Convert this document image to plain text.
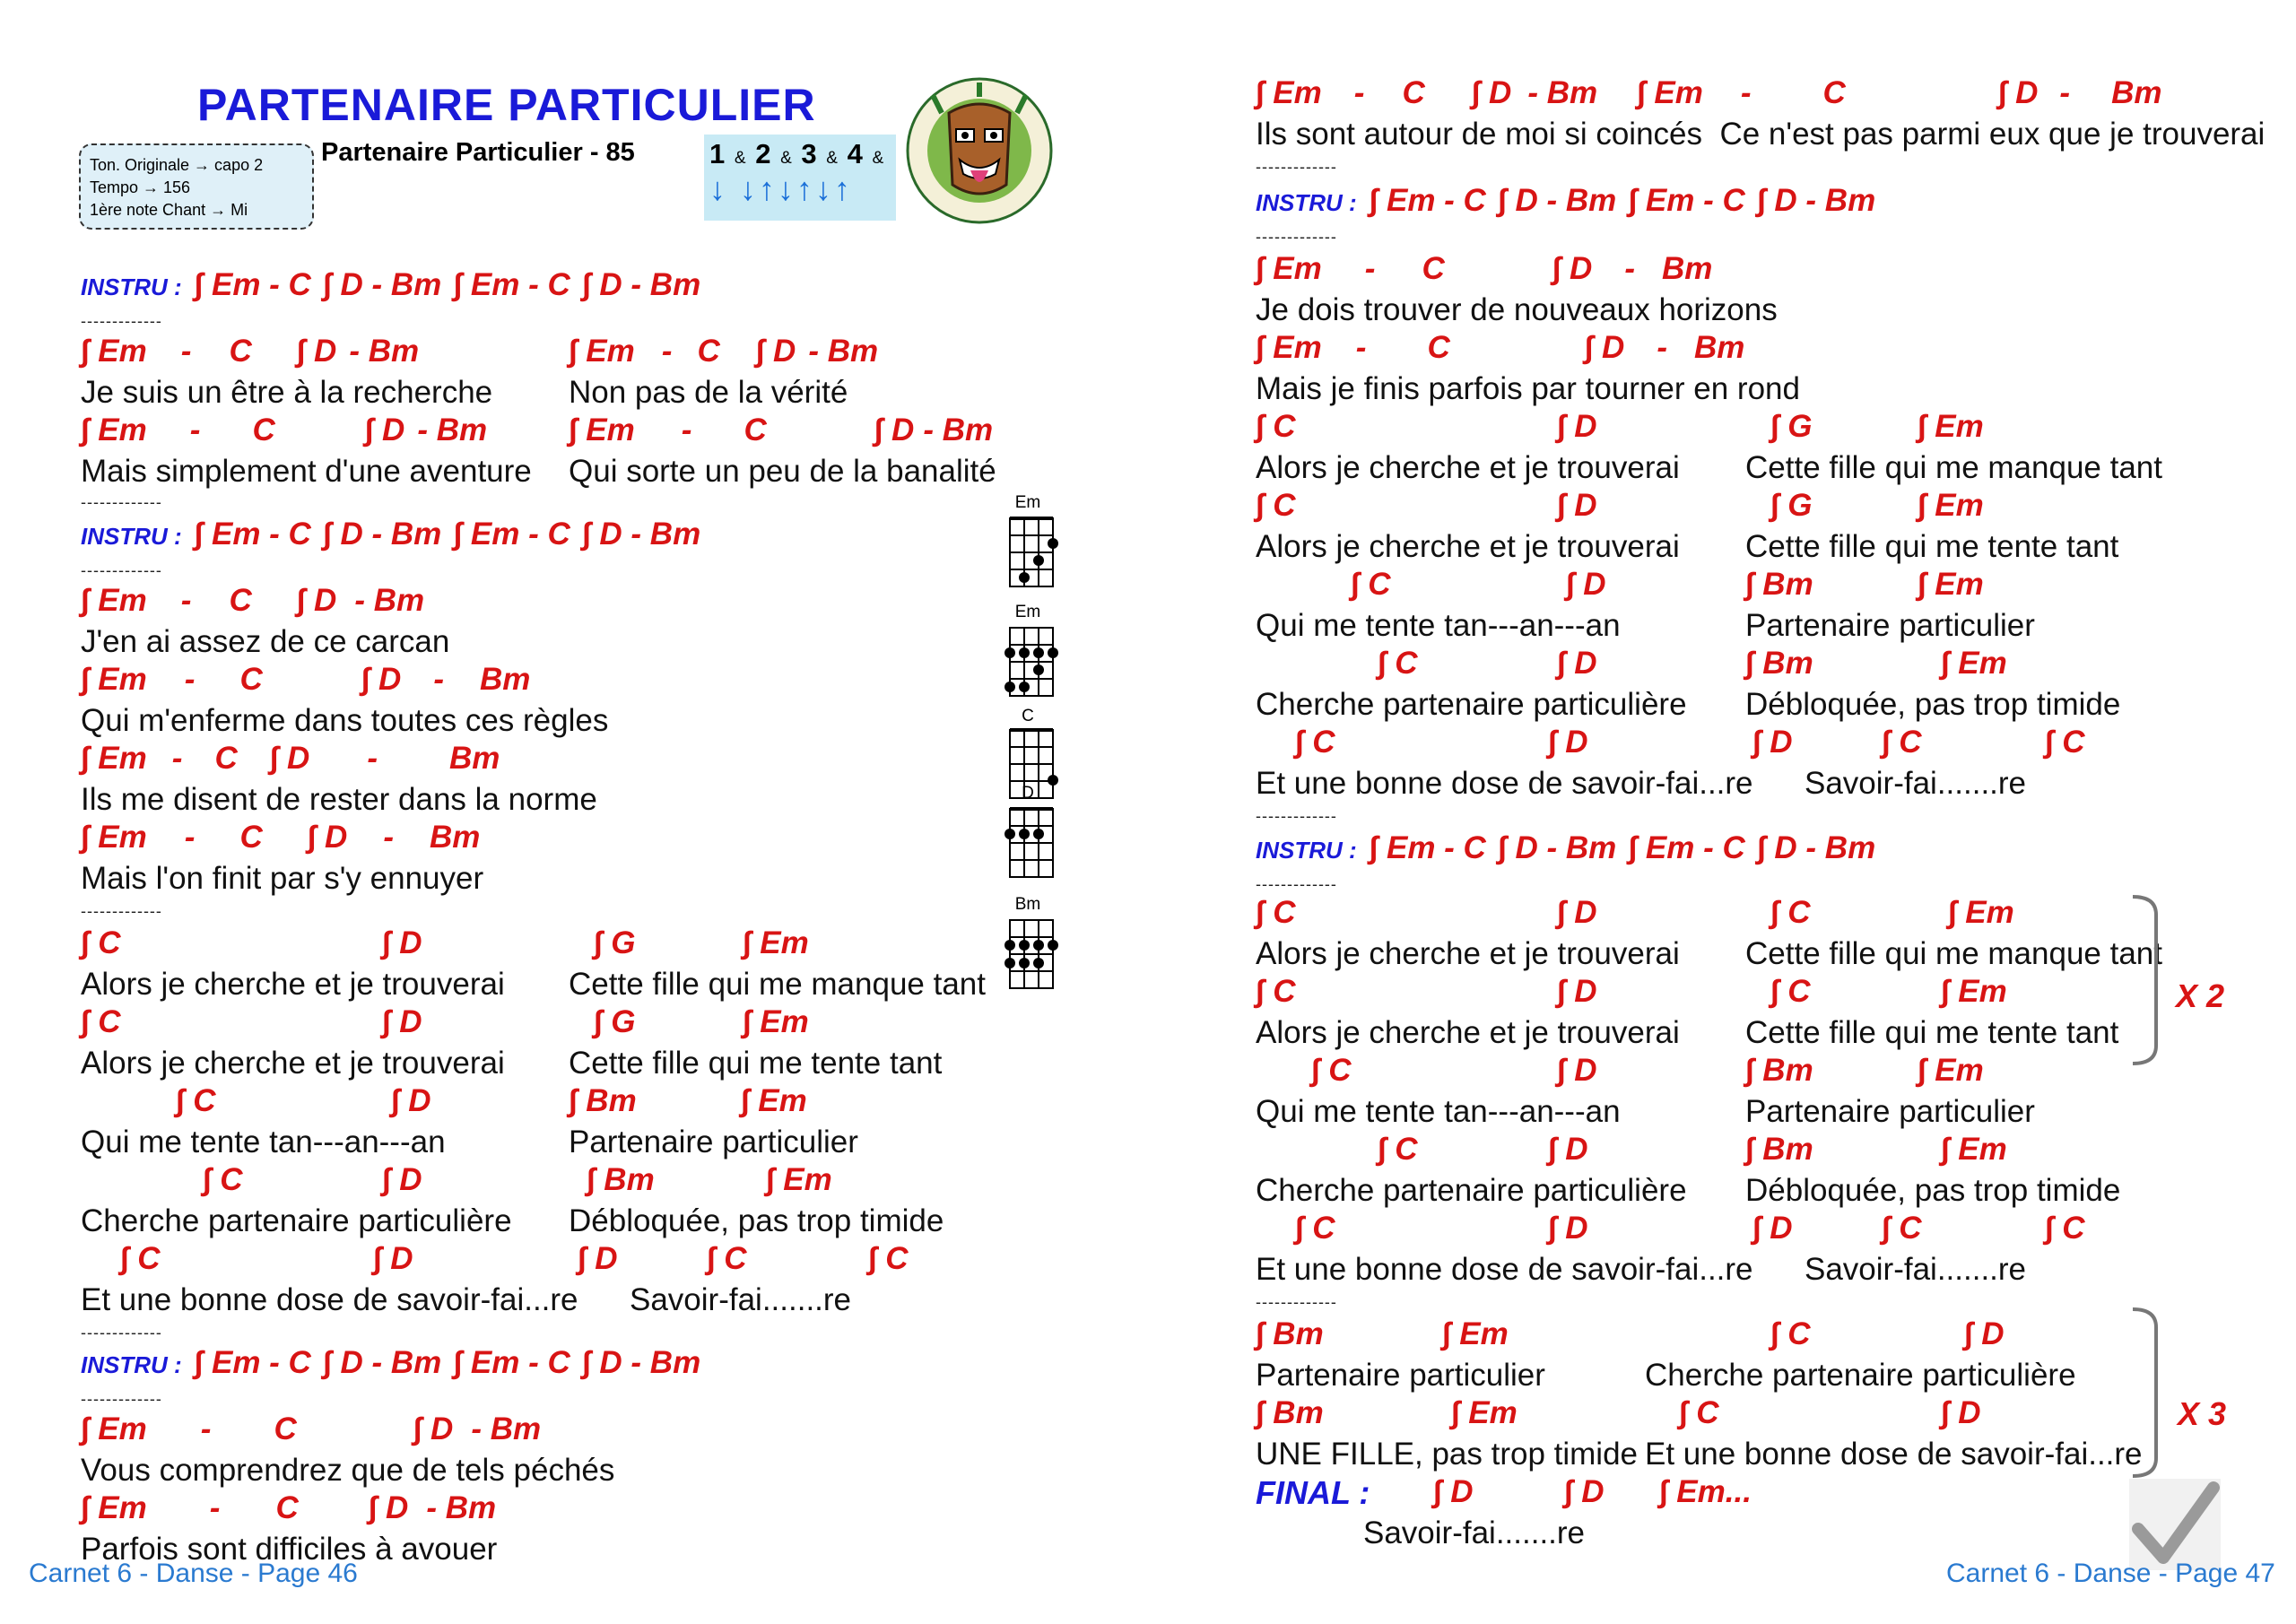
PARTENAIRE PARTICULIER
Ton. Originale → capo 2
Tempo → 156
1ère note Chant → Mi
Partenaire Particulier - 85	1 & 2 & 3 & 4 &
↓ ↓↑↓↑↓↑
INSTRU : ∫ Em - C ∫ D - Bm ∫ Em - C ∫ D - Bm
-------------
∫ Em - C ∫ D - Bm	∫ Em - C ∫ D - Bm
Je suis un être à la recherche Non pas de la vérité
∫ Em - C	∫ D - Bm	∫ Em - C	∫ D - Bm
Mais simplement d'une aventure Qui sorte un peu de la banalité
-------------
INSTRU : ∫ Em - C ∫ D - Bm ∫ Em - C ∫ D - Bm
-------------
∫ Em - C ∫ D - Bm
J'en ai assez de ce carcan
∫ Em - C	∫ D - Bm
Qui m'enferme dans toutes ces règles
∫ Em - C ∫ D - Bm
Ils me disent de rester dans la norme
∫ Em - C ∫ D - Bm
Mais l'on finit par s'y ennuyer
-------------
∫ C	∫ D	∫ G	∫ Em
Alors je cherche et je trouverai Cette fille qui me manque tant
∫ C	∫ D	∫ G	∫ Em
Alors je cherche et je trouverai Cette fille qui me tente tant
∫ C	∫ D	∫ Bm	∫ Em
Qui me tente tan---an---an	Partenaire particulier
∫ C	∫ D	∫ Bm	∫ Em
Cherche partenaire particulière Débloquée, pas trop timide
∫ C	∫ D	∫ D	∫ C	∫ C
Et une bonne dose de savoir-fai...re Savoir-fai.......re
-------------
INSTRU : ∫ Em - C ∫ D - Bm ∫ Em - C ∫ D - Bm
-------------
∫ Em - C	∫ D - Bm
Vous comprendrez que de tels péchés
∫ Em - C ∫ D - Bm
Parfois sont difficiles à avouer
Em
Em
C
D
Bm
∫ Em - C ∫ D - Bm ∫ Em - C	∫ D - Bm
Ils sont autour de moi si coincés Ce n'est pas parmi eux que je trouverai
-------------
INSTRU : ∫ Em - C ∫ D - Bm ∫ Em - C ∫ D - Bm
-------------
∫ Em - C	∫ D - Bm
Je dois trouver de nouveaux horizons
∫ Em - C	∫ D - Bm
Mais je finis parfois par tourner en rond
∫ C	∫ D	∫ G	∫ Em
Alors je cherche et je trouverai Cette fille qui me manque tant
∫ C	∫ D	∫ G	∫ Em
Alors je cherche et je trouverai Cette fille qui me tente tant
∫ C	∫ D	∫ Bm	∫ Em
Qui me tente tan---an---an	Partenaire particulier
∫ C	∫ D	∫ Bm	∫ Em
Cherche partenaire particulière Débloquée, pas trop timide
∫ C	∫ D	∫ D	∫ C	∫ C
Et une bonne dose de savoir-fai...re Savoir-fai.......re
-------------
INSTRU : ∫ Em - C ∫ D - Bm ∫ Em - C ∫ D - Bm
-------------
∫ C	∫ D	∫ C	∫ Em
Alors je cherche et je trouverai Cette fille qui me manque tant
∫ C	∫ D	∫ C	∫ Em
Alors je cherche et je trouverai Cette fille qui me tente tant
X 2
∫ C	∫ D	∫ Bm	∫ Em
Qui me tente tan---an---an	Partenaire particulier
∫ C	∫ D	∫ Bm	∫ Em
Cherche partenaire particulière Débloquée, pas trop timide
∫ C	∫ D	∫ D	∫ C	∫ C
Et une bonne dose de savoir-fai...re Savoir-fai.......re
-------------
∫ Bm	∫ Em	∫ C	∫ D
Partenaire particulier	Cherche partenaire particulière
∫ Bm	∫ Em	∫ C	∫ D
UNE FILLE, pas trop timide Et une bonne dose de savoir-fai...re
X 3
FINAL : ∫ D	∫ D ∫ Em...
Savoir-fai.......re
Carnet 6 - Danse - Page 46	Carnet 6 - Danse - Page 47
